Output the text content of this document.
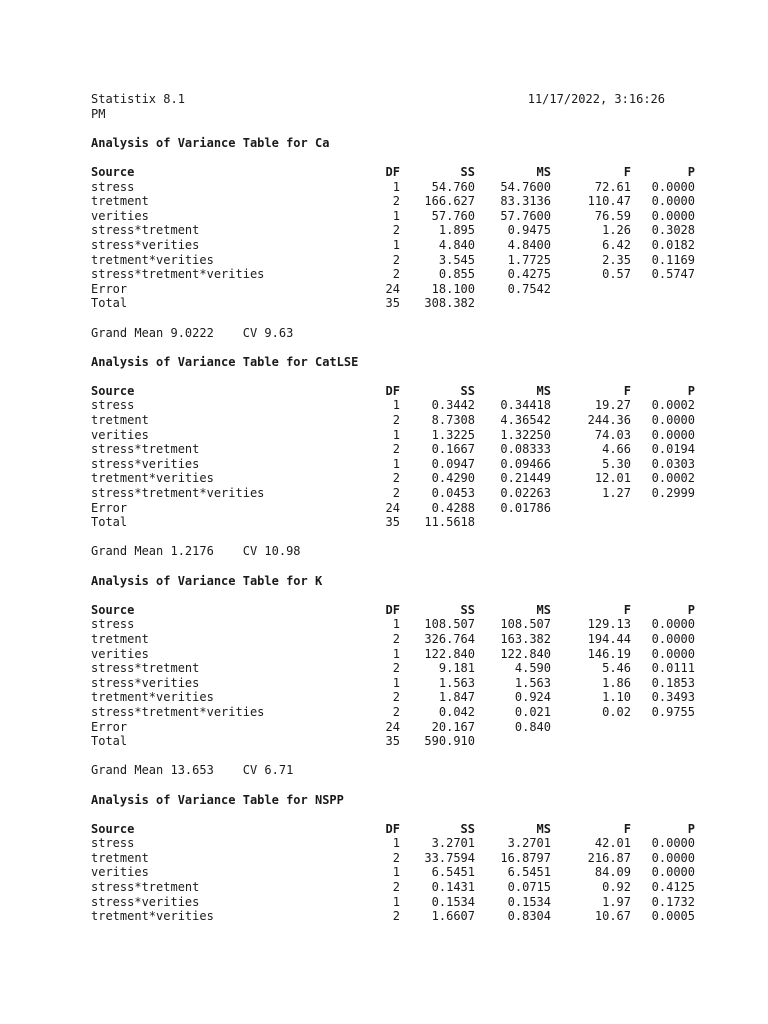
Statistix 8.1	11/17/2022, 3:16:26
PM
Analysis of Variance Table for Ca
Source	DF	SS	MS	F	P
stress	1	54.760	54.7600	72.61	0.0000
tretment	2	166.627	83.3136	110.47	0.0000
verities	1	57.760	57.7600	76.59	0.0000
stress*tretment	2	1.895	0.9475	1.26	0.3028
stress*verities	1	4.840	4.8400	6.42	0.0182
tretment*verities	2	3.545	1.7725	2.35	0.1169
stress*tretment*verities	2	0.855	0.4275	0.57	0.5747
Error	24	18.100	0.7542
Total	35	308.382
Grand Mean 9.0222    CV 9.63
Analysis of Variance Table for CatLSE
Source	DF	SS	MS	F	P
stress	1	0.3442	0.34418	19.27	0.0002
tretment	2	8.7308	4.36542	244.36	0.0000
verities	1	1.3225	1.32250	74.03	0.0000
stress*tretment	2	0.1667	0.08333	4.66	0.0194
stress*verities	1	0.0947	0.09466	5.30	0.0303
tretment*verities	2	0.4290	0.21449	12.01	0.0002
stress*tretment*verities	2	0.0453	0.02263	1.27	0.2999
Error	24	0.4288	0.01786
Total	35	11.5618
Grand Mean 1.2176    CV 10.98
Analysis of Variance Table for K
Source	DF	SS	MS	F	P
stress	1	108.507	108.507	129.13	0.0000
tretment	2	326.764	163.382	194.44	0.0000
verities	1	122.840	122.840	146.19	0.0000
stress*tretment	2	9.181	4.590	5.46	0.0111
stress*verities	1	1.563	1.563	1.86	0.1853
tretment*verities	2	1.847	0.924	1.10	0.3493
stress*tretment*verities	2	0.042	0.021	0.02	0.9755
Error	24	20.167	0.840
Total	35	590.910
Grand Mean 13.653    CV 6.71
Analysis of Variance Table for NSPP
Source	DF	SS	MS	F	P
stress	1	3.2701	3.2701	42.01	0.0000
tretment	2	33.7594	16.8797	216.87	0.0000
verities	1	6.5451	6.5451	84.09	0.0000
stress*tretment	2	0.1431	0.0715	0.92	0.4125
stress*verities	1	0.1534	0.1534	1.97	0.1732
tretment*verities	2	1.6607	0.8304	10.67	0.0005
